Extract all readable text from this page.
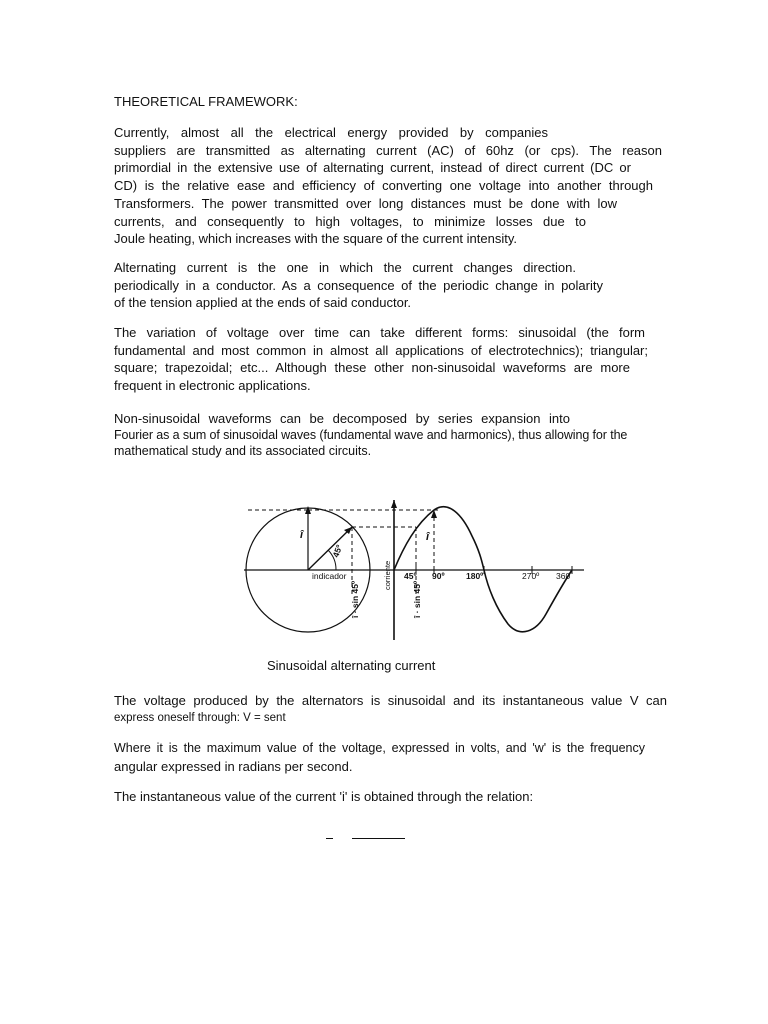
THEORETICAL FRAMEWORK:
Currently, almost all the electrical energy provided by companies
suppliers are transmitted as alternating current (AC) of 60hz (or cps). The reason
primordial in the extensive use of alternating current, instead of direct current (DC or
CD) is the relative ease and efficiency of converting one voltage into another through
Transformers. The power transmitted over long distances must be done with low
currents, and consequently to high voltages, to minimize losses due to
Joule heating, which increases with the square of the current intensity.
Alternating current is the one in which the current changes direction.
periodically in a conductor. As a consequence of the periodic change in polarity
of the tension applied at the ends of said conductor.
The variation of voltage over time can take different forms: sinusoidal (the form
fundamental and most common in almost all applications of electrotechnics); triangular;
square; trapezoidal; etc... Although these other non-sinusoidal waveforms are more
frequent in electronic applications.
Non-sinusoidal waveforms can be decomposed by series expansion into
Fourier as a sum of sinusoidal waves (fundamental wave and harmonics), thus allowing for the
mathematical study and its associated circuits.
î	î
45º
indicador	corriente
î · sin 45º	î · sin 45º
45º 90º	180º	270º 360

Sinusoidal alternating current

The voltage produced by the alternators is sinusoidal and its instantaneous value V can
express oneself through: V = sent
Where it is the maximum value of the voltage, expressed in volts, and 'w' is the frequency
angular expressed in radians per second.
The instantaneous value of the current 'i' is obtained through the relation:
